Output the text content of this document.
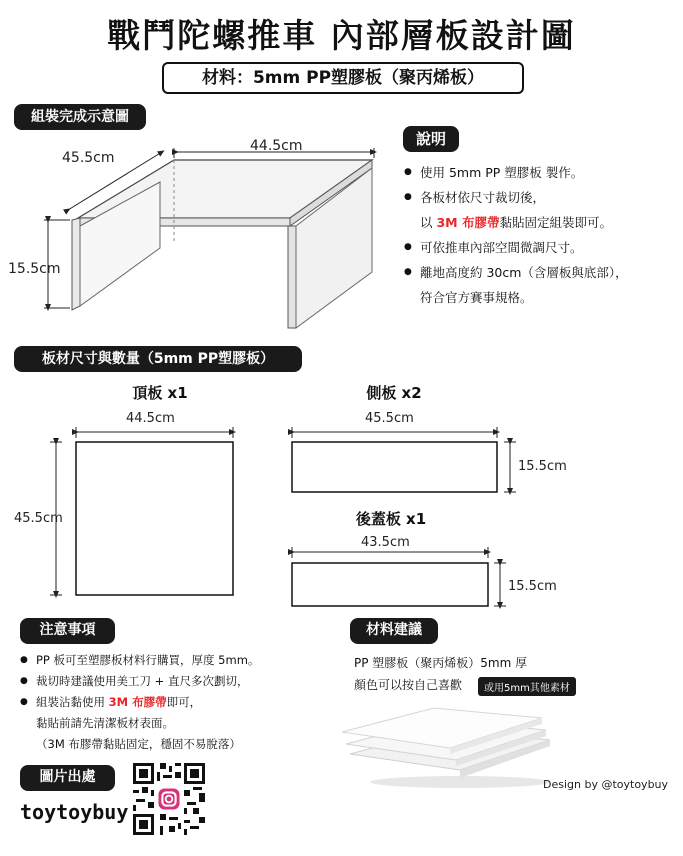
戰鬥陀螺推車 內部層板設計圖
材料：5mm PP塑膠板（聚丙烯板）
組裝完成示意圖
45.5cm
44.5cm
15.5cm
說明
● 使用 5mm PP 塑膠板 製作。
● 各板材依尺寸裁切後，
以 3M 布膠帶黏貼固定組裝即可。
● 可依推車內部空間微調尺寸。
● 離地高度約 30cm（含層板與底部），
符合官方賽事規格。
板材尺寸與數量（5mm PP塑膠板）
頂板 x1
44.5cm
45.5cm
側板 x2
45.5cm
15.5cm
後蓋板 x1
43.5cm
15.5cm
注意事項
● PP 板可至塑膠板材料行購買，厚度 5mm。
● 裁切時建議使用美工刀 + 直尺多次劃切，
● 組裝沾黏使用 3M 布膠帶即可，
黏貼前請先清潔板材表面。
（3M 布膠帶黏貼固定，穩固不易脫落）
材料建議
PP 塑膠板（聚丙烯板）5mm 厚
顏色可以按自己喜歡	或用5mm其他素材
圖片出處
toytoybuy
Design by @toytoybuy
